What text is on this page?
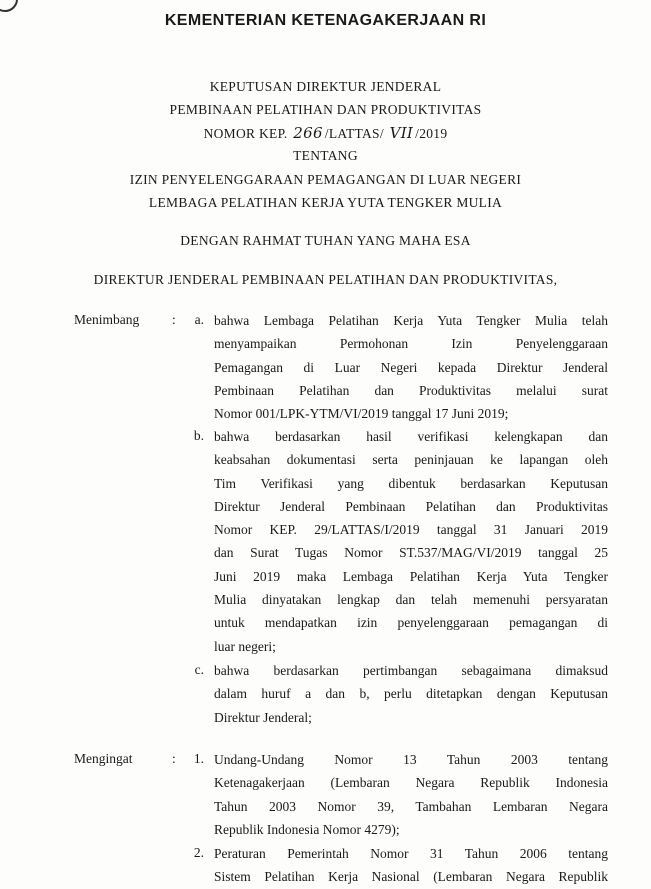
KEMENTERIAN KETENAGAKERJAAN RI
KEPUTUSAN DIREKTUR JENDERAL
PEMBINAAN PELATIHAN DAN PRODUKTIVITAS
NOMOR KEP. 266 /LATTAS/ VII /2019
TENTANG
IZIN PENYELENGGARAAN PEMAGANGAN DI LUAR NEGERI
LEMBAGA PELATIHAN KERJA YUTA TENGKER MULIA
DENGAN RAHMAT TUHAN YANG MAHA ESA
DIREKTUR JENDERAL PEMBINAAN PELATIHAN DAN PRODUKTIVITAS,
Menimbang :	a. bahwa Lembaga Pelatihan Kerja Yuta Tengker Mulia telah
menyampaikan Permohonan Izin Penyelenggaraan
Pemagangan di Luar Negeri kepada Direktur Jenderal
Pembinaan Pelatihan dan Produktivitas melalui surat
Nomor 001/LPK-YTM/VI/2019 tanggal 17 Juni 2019;
b. bahwa berdasarkan hasil verifikasi kelengkapan dan
keabsahan dokumentasi serta peninjauan ke lapangan oleh
Tim Verifikasi yang dibentuk berdasarkan Keputusan
Direktur Jenderal Pembinaan Pelatihan dan Produktivitas
Nomor KEP. 29/LATTAS/I/2019 tanggal 31 Januari 2019
dan Surat Tugas Nomor ST.537/MAG/VI/2019 tanggal 25
Juni 2019 maka Lembaga Pelatihan Kerja Yuta Tengker
Mulia dinyatakan lengkap dan telah memenuhi persyaratan
untuk mendapatkan izin penyelenggaraan pemagangan di
luar negeri;
c. bahwa berdasarkan pertimbangan sebagaimana dimaksud
dalam huruf a dan b, perlu ditetapkan dengan Keputusan
Direktur Jenderal;
Mengingat	:	1. Undang-Undang Nomor 13 Tahun 2003 tentang
Ketenagakerjaan (Lembaran Negara Republik Indonesia
Tahun 2003 Nomor 39, Tambahan Lembaran Negara
Republik Indonesia Nomor 4279);
2. Peraturan Pemerintah Nomor 31 Tahun 2006 tentang
Sistem Pelatihan Kerja Nasional (Lembaran Negara Republik
